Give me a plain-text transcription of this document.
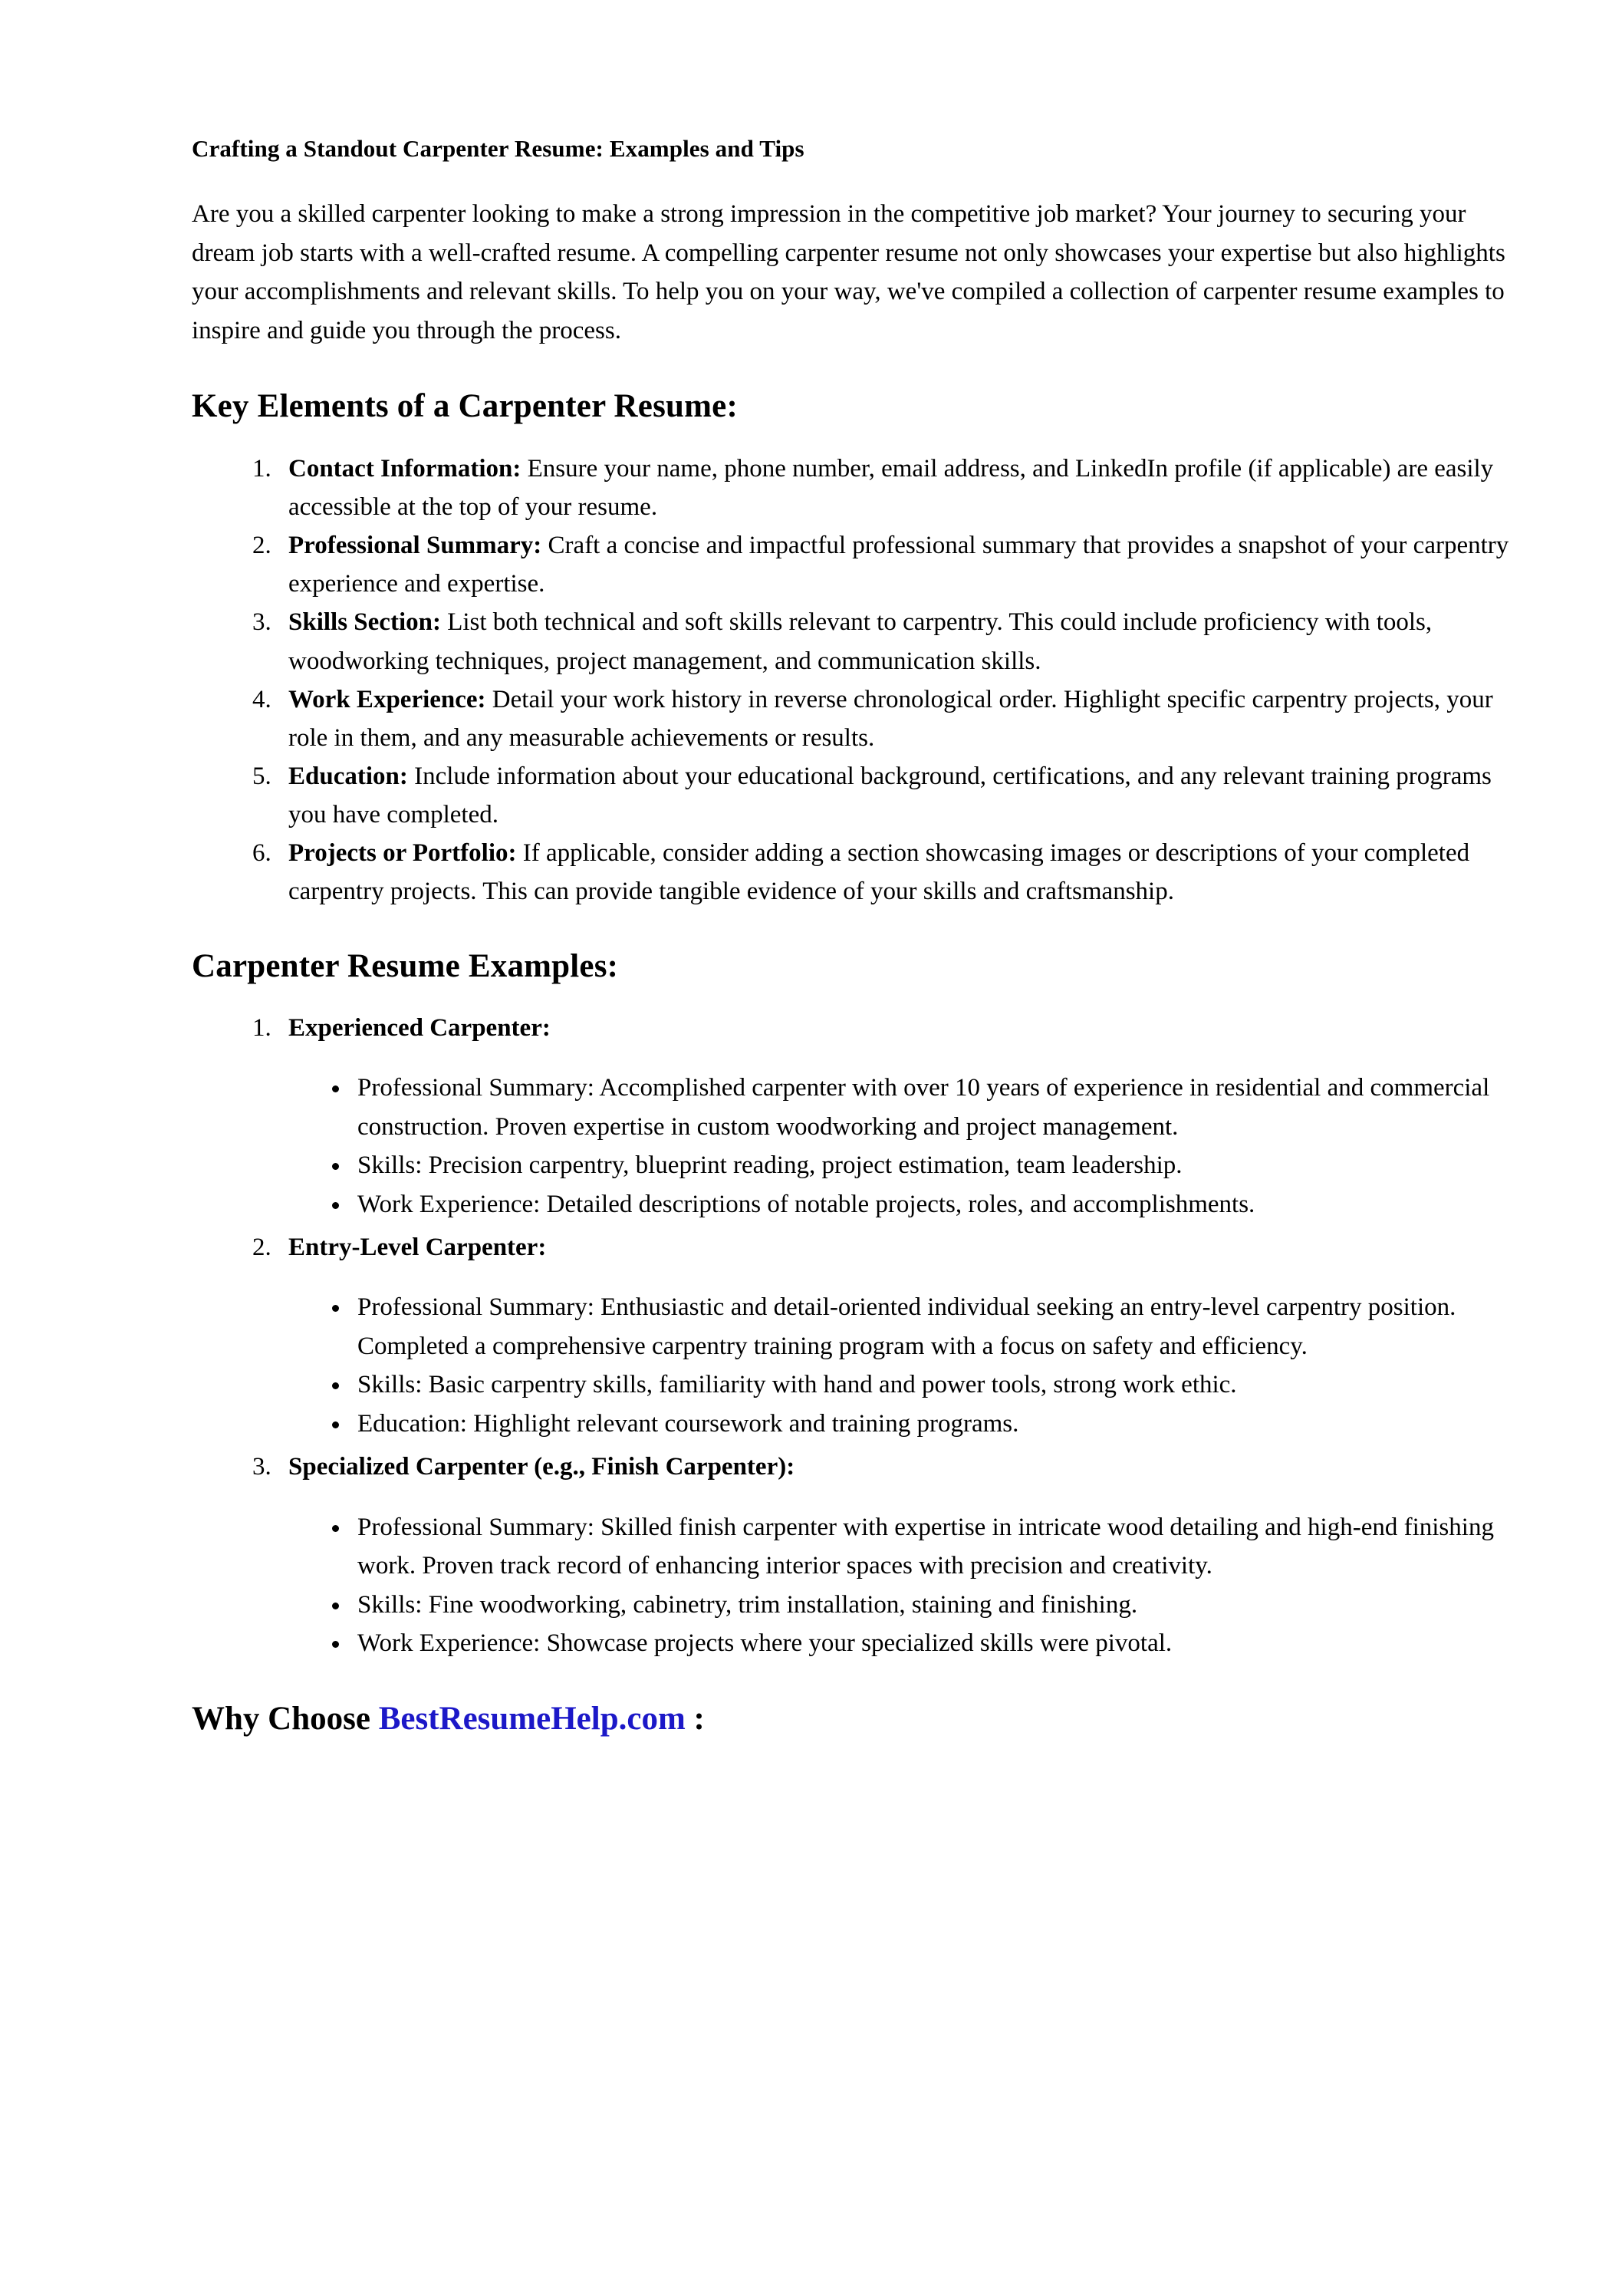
Crafting a Standout Carpenter Resume: Examples and Tips

Are you a skilled carpenter looking to make a strong impression in the competitive job market? Your journey to securing your dream job starts with a well-crafted resume. A compelling carpenter resume not only showcases your expertise but also highlights your accomplishments and relevant skills. To help you on your way, we've compiled a collection of carpenter resume examples to inspire and guide you through the process.

Key Elements of a Carpenter Resume:
1. Contact Information: Ensure your name, phone number, email address, and LinkedIn profile (if applicable) are easily accessible at the top of your resume.
2. Professional Summary: Craft a concise and impactful professional summary that provides a snapshot of your carpentry experience and expertise.
3. Skills Section: List both technical and soft skills relevant to carpentry. This could include proficiency with tools, woodworking techniques, project management, and communication skills.
4. Work Experience: Detail your work history in reverse chronological order. Highlight specific carpentry projects, your role in them, and any measurable achievements or results.
5. Education: Include information about your educational background, certifications, and any relevant training programs you have completed.
6. Projects or Portfolio: If applicable, consider adding a section showcasing images or descriptions of your completed carpentry projects. This can provide tangible evidence of your skills and craftsmanship.
Carpenter Resume Examples:
1. Experienced Carpenter:
• Professional Summary: Accomplished carpenter with over 10 years of experience in residential and commercial construction. Proven expertise in custom woodworking and project management.
• Skills: Precision carpentry, blueprint reading, project estimation, team leadership.
• Work Experience: Detailed descriptions of notable projects, roles, and accomplishments.
2. Entry-Level Carpenter:
• Professional Summary: Enthusiastic and detail-oriented individual seeking an entry-level carpentry position. Completed a comprehensive carpentry training program with a focus on safety and efficiency.
• Skills: Basic carpentry skills, familiarity with hand and power tools, strong work ethic.
• Education: Highlight relevant coursework and training programs.
3. Specialized Carpenter (e.g., Finish Carpenter):
• Professional Summary: Skilled finish carpenter with expertise in intricate wood detailing and high-end finishing work. Proven track record of enhancing interior spaces with precision and creativity.
• Skills: Fine woodworking, cabinetry, trim installation, staining and finishing.
• Work Experience: Showcase projects where your specialized skills were pivotal.
Why Choose BestResumeHelp.com :
